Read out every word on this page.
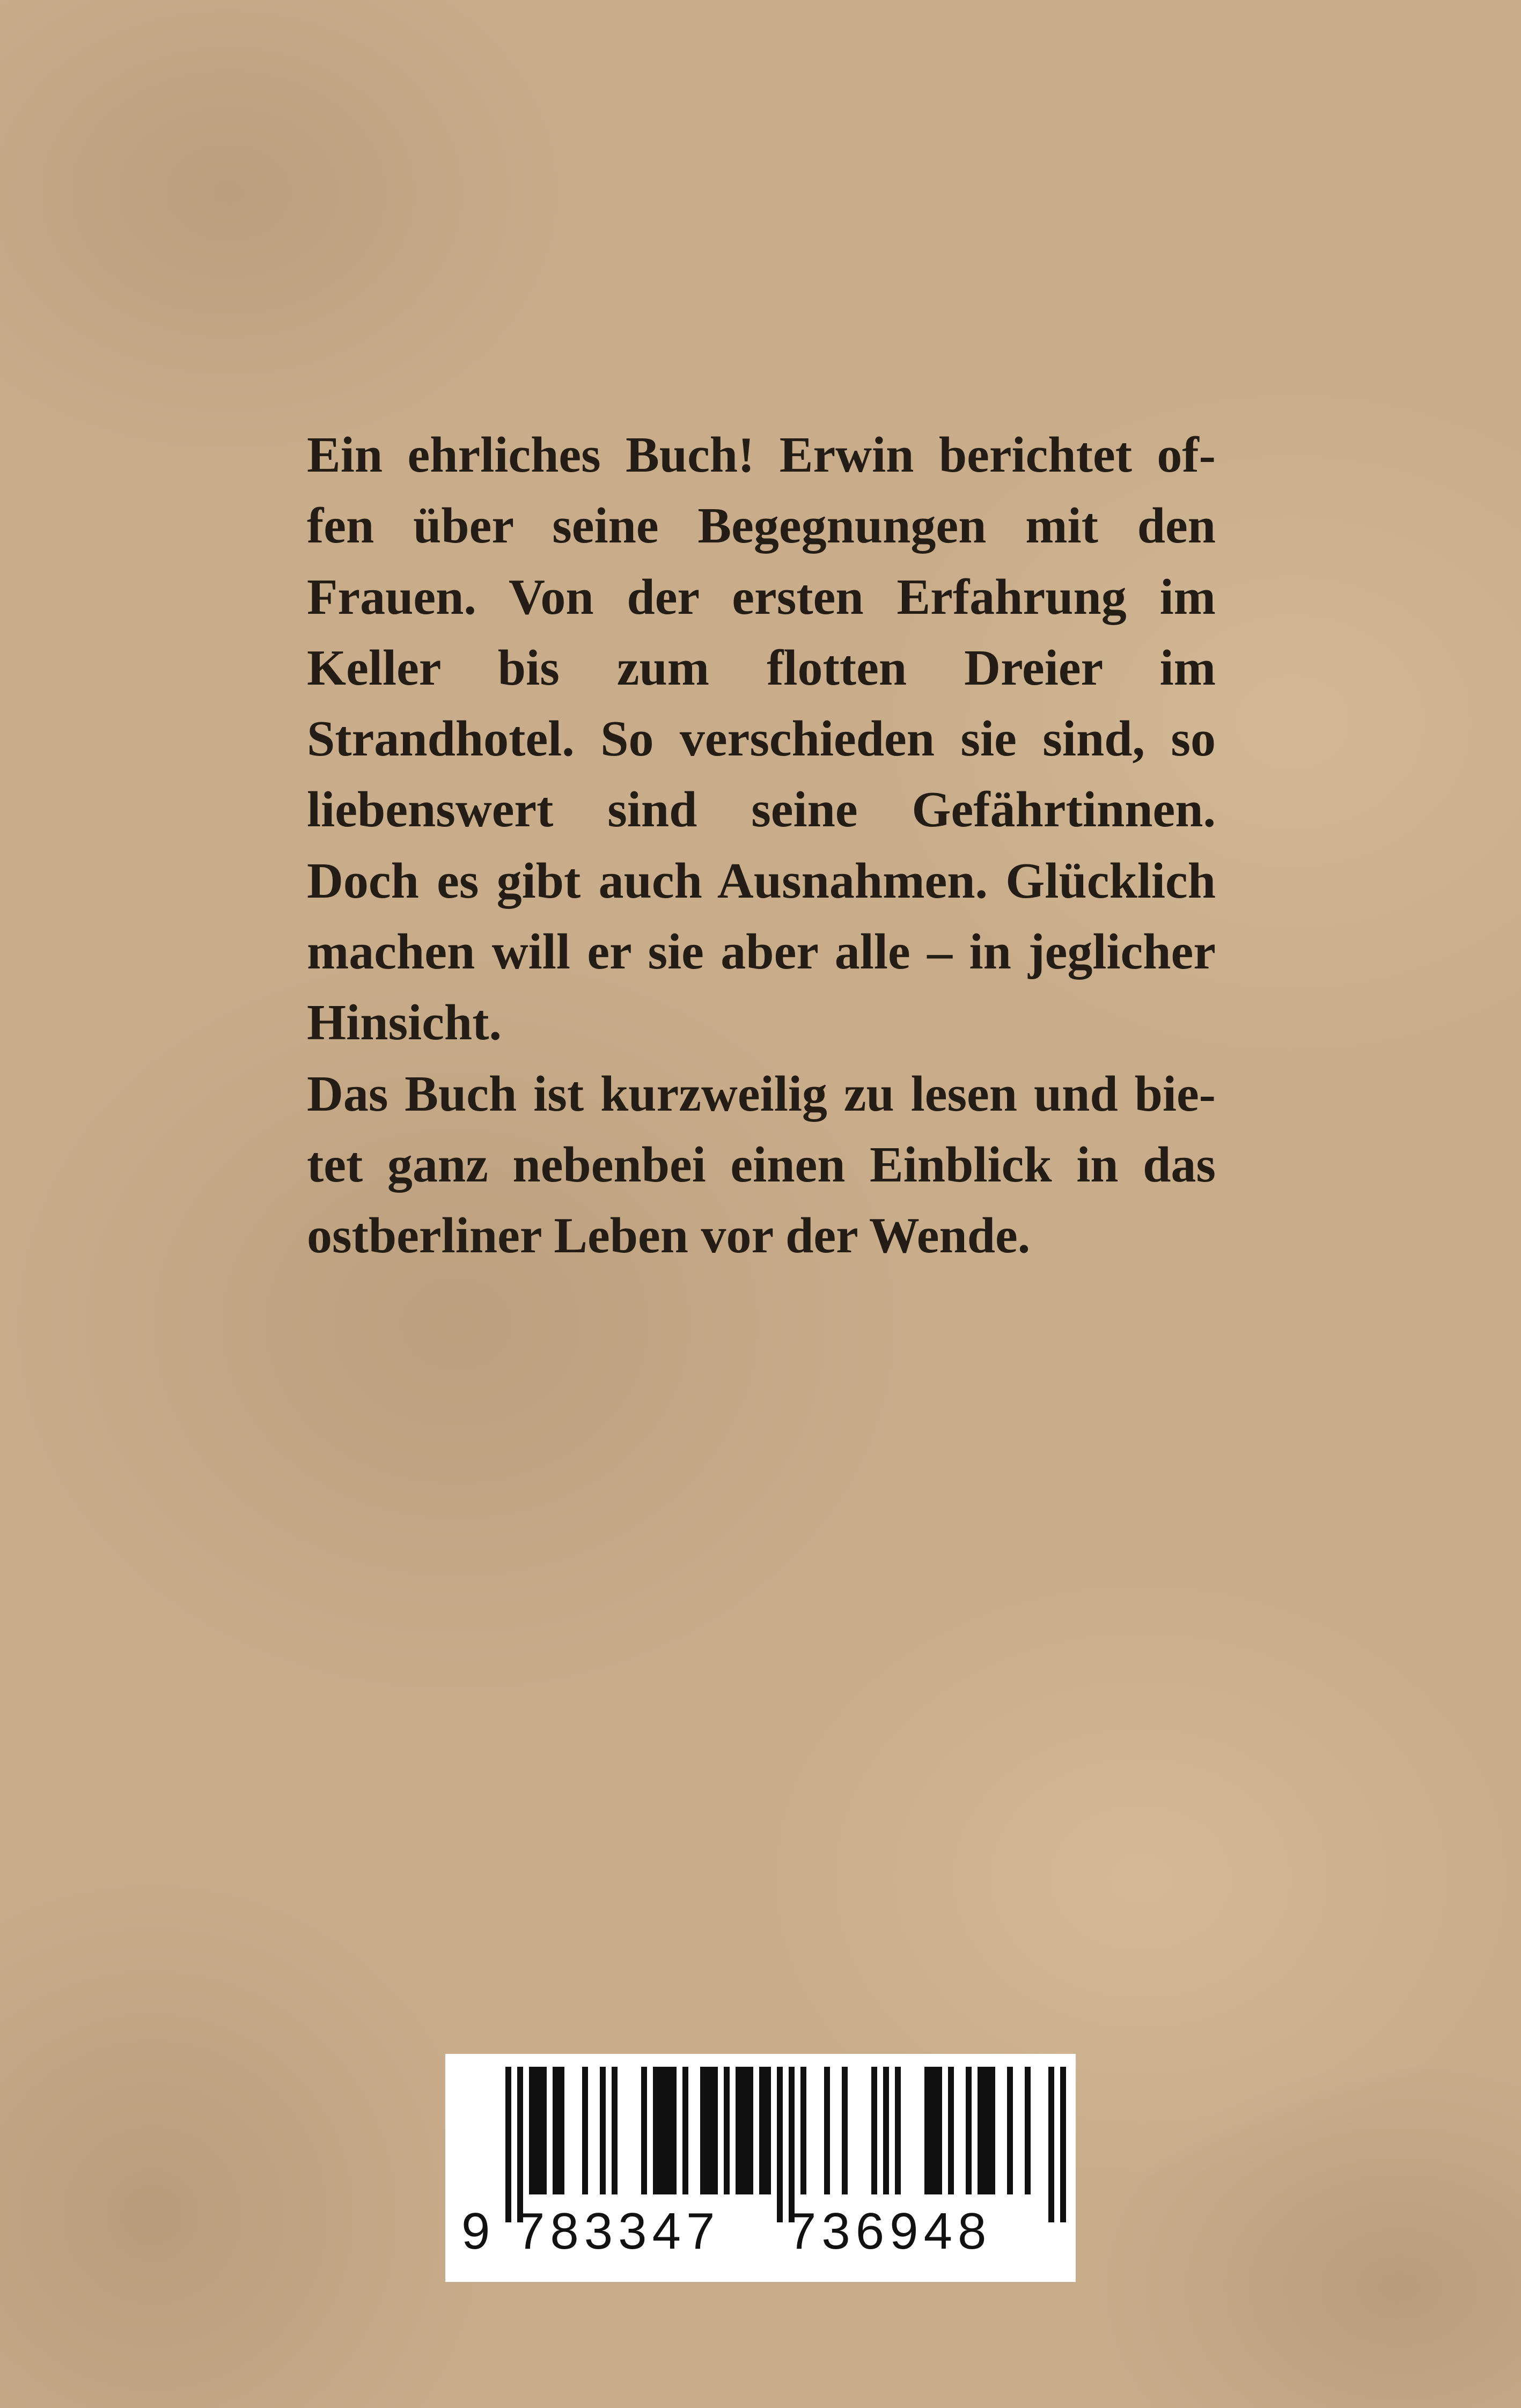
Ein ehrliches Buch! Erwin berichtet of-
fen über seine Begegnungen mit den
Frauen. Von der ersten Erfahrung im
Keller bis zum flotten Dreier im
Strandhotel. So verschieden sie sind, so
liebenswert sind seine Gefährtinnen.
Doch es gibt auch Ausnahmen. Glücklich
machen will er sie aber alle – in jeglicher
Hinsicht.

Das Buch ist kurzweilig zu lesen und bie-
tet ganz nebenbei einen Einblick in das
ostberliner Leben vor der Wende.

9 783347 736948
